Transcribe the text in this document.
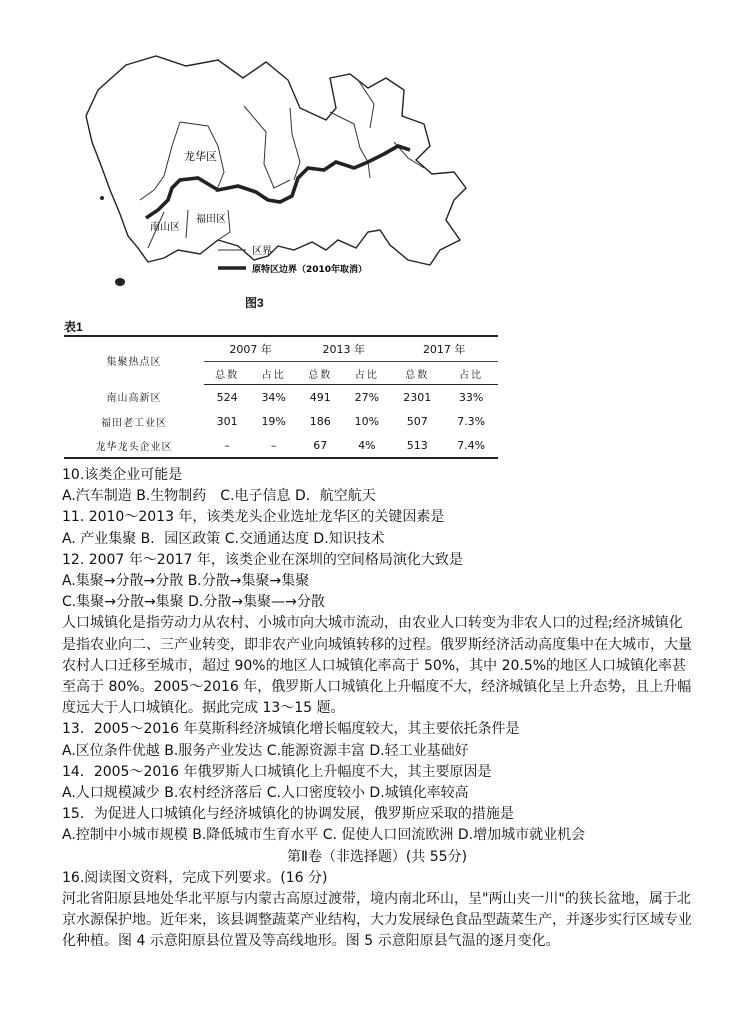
龙华区
南山区
福田区
区界
原特区边界（2010年取消）
图3
表1
集聚热点区	2007 年		2013 年		2017 年	
	总数	占比	总数	占比	总数	占比
南山高新区	524	34%	491	27%	2301	33%
福田老工业区	301	19%	186	10%	507	7.3%
龙华龙头企业区	–	–	67	4%	513	7.4%

10.该类企业可能是

A.汽车制造 B.生物制药　C.电子信息 D．航空航天

11. 2010～2013 年，该类龙头企业选址龙华区的关键因素是

A. 产业集聚 B．园区政策 C.交通通达度 D.知识技术

12. 2007 年～2017 年，该类企业在深圳的空间格局演化大致是

A.集聚→分散→分散 B.分散→集聚→集聚

C.集聚→分散→集聚 D.分散→集聚—→分散

人口城镇化是指劳动力从农村、小城市向大城市流动，由农业人口转变为非农人口的过程;经济城镇化是指农业向二、三产业转变，即非农产业向城镇转移的过程。俄罗斯经济活动高度集中在大城市，大量农村人口迁移至城市，超过 90%的地区人口城镇化率高于 50%，其中 20.5%的地区人口城镇化率甚至高于 80%。2005～2016 年，俄罗斯人口城镇化上升幅度不大，经济城镇化呈上升态势，且上升幅度远大于人口城镇化。据此完成 13～15 题。

13．2005～2016 年莫斯科经济城镇化增长幅度较大，其主要依托条件是

A.区位条件优越 B.服务产业发达 C.能源资源丰富 D.轻工业基础好

14．2005～2016 年俄罗斯人口城镇化上升幅度不大，其主要原因是

A.人口规模减少 B.农村经济落后 C.人口密度较小 D.城镇化率较高

15．为促进人口城镇化与经济城镇化的协调发展，俄罗斯应采取的措施是

A.控制中小城市规模 B.降低城市生育水平 C. 促使人口回流欧洲 D.增加城市就业机会

第Ⅱ卷（非选择题）(共 55分)

16.阅读图文资料，完成下列要求。(16 分)

河北省阳原县地处华北平原与内蒙古高原过渡带，境内南北环山，呈"两山夹一川"的狭长盆地，属于北京水源保护地。近年来，该县调整蔬菜产业结构，大力发展绿色食品型蔬菜生产，并逐步实行区域专业化种植。图 4 示意阳原县位置及等高线地形。图 5 示意阳原县气温的逐月变化。
